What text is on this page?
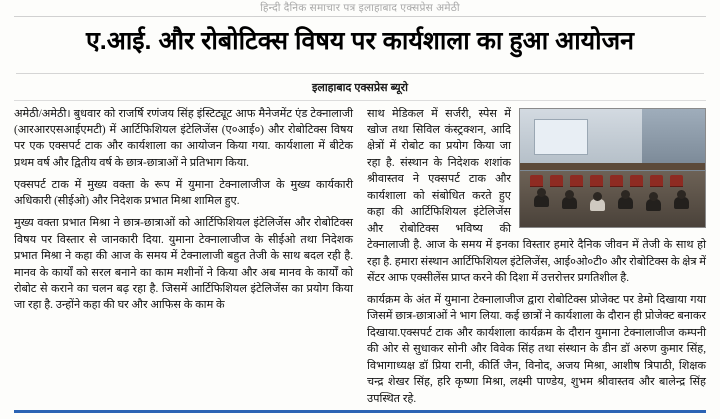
हिन्दी दैनिक समाचार पत्र इलाहाबाद एक्सप्रेस अमेठी
ए.आई. और रोबोटिक्स विषय पर कार्यशाला का हुआ आयोजन
इलाहाबाद एक्सप्रेस ब्यूरो

अमेठी/अमेठी। बुधवार को राजर्षि रणंजय सिंह इंस्टिट्यूट आफ मैनेजमेंट एंड टेक्नालाजी (आरआरएसआईएमटी) में आर्टिफिशियल इंटेलिजेंस (ए०आई०) और रोबोटिक्स विषय पर एक एक्सपर्ट टाक और कार्यशाला का आयोजन किया गया. कार्यशाला में बीटेक प्रथम वर्ष और द्वितीय वर्ष के छात्र-छात्राओं ने प्रतिभाग किया.

एक्सपर्ट टाक में मुख्य वक्ता के रूप में युमाना टेक्नालाजीज के मुख्य कार्यकारी अधिकारी (सीईओ) और निदेशक प्रभात मिश्रा शामिल हुए.

मुख्य वक्ता प्रभात मिश्रा ने छात्र-छात्राओं को आर्टिफिशियल इंटेलिजेंस और रोबोटिक्स विषय पर विस्तार से जानकारी दिया. युमाना टेक्नालाजीज के सीईओ तथा निदेशक प्रभात मिश्रा ने कहा की आज के समय में टेक्नालाजी बहुत तेजी के साथ बदल रही है. मानव के कार्यों को सरल बनाने का काम मशीनों ने किया और अब मानव के कार्यों को रोबोट से कराने का चलन बढ़ रहा है. जिसमें आर्टिफिशियल इंटेलिजेंस का प्रयोग किया जा रहा है. उन्होंने कहा की घर और आफिस के काम के

साथ मेडिकल में सर्जरी, स्पेस में खोज तथा सिविल कंस्ट्रक्शन, आदि क्षेत्रों में रोबोट का प्रयोग किया जा रहा है. संस्थान के निदेशक शशांक श्रीवास्तव ने एक्सपर्ट टाक और कार्यशाला को संबोधित करते हुए कहा की आर्टिफिशियल इंटेलिजेंस और रोबोटिक्स भविष्य की टेक्नालाजी है. आज के समय में इनका विस्तार हमारे दैनिक जीवन में तेजी के साथ हो रहा है. हमारा संस्थान आर्टिफिशियल इंटेलिजेंस, आई०ओ०टी० और रोबोटिक्स के क्षेत्र में सेंटर आफ एक्सीलेंस प्राप्त करने की दिशा में उत्तरोत्तर प्रगतिशील है.

कार्यक्रम के अंत में युमाना टेक्नालाजीज द्वारा रोबोटिक्स प्रोजेक्ट पर डेमो दिखाया गया जिसमें छात्र-छात्राओं ने भाग लिया. कई छात्रों ने कार्यशाला के दौरान ही प्रोजेक्ट बनाकर दिखाया.एक्सपर्ट टाक और कार्यशाला कार्यक्रम के दौरान युमाना टेक्नालाजीज कम्पनी की ओर से सुधाकर सोनी और विवेक सिंह तथा संस्थान के डीन डॉ अरुण कुमार सिंह, विभागाध्यक्ष डॉ प्रिया रानी, कीर्ति जैन, विनोद, अजय मिश्रा, आशीष त्रिपाठी, शिक्षक चन्द्र शेखर सिंह, हरि कृष्णा मिश्रा, लक्ष्मी पाण्डेय, शुभम श्रीवास्तव और बालेन्द्र सिंह उपस्थित रहे.
